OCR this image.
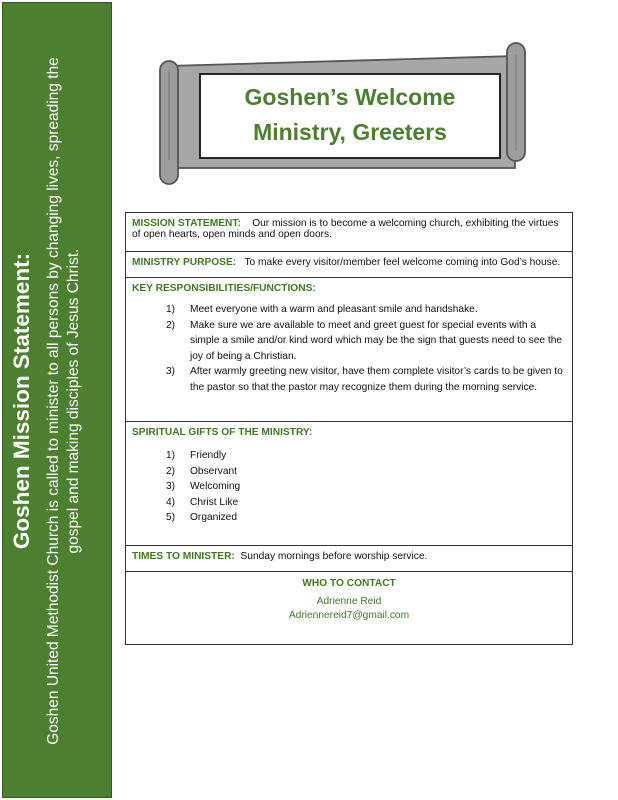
Goshen Mission Statement: Goshen United Methodist Church is called to minister to all persons by changing lives, spreading the gospel and making disciples of Jesus Christ.
Goshen’s Welcome
Ministry, Greeters
MISSION STATEMENT: Our mission is to become a welcoming church, exhibiting the virtues of open hearts, open minds and open doors.
MINISTRY PURPOSE: To make every visitor/member feel welcome coming into God’s house.
KEY RESPONSIBILITIES/FUNCTIONS:
1)	Meet everyone with a warm and pleasant smile and handshake.
2)	Make sure we are available to meet and greet guest for special events with a simple a smile and/or kind word which may be the sign that guests need to see the joy of being a Christian.
3)	After warmly greeting new visitor, have them complete visitor’s cards to be given to the pastor so that the pastor may recognize them during the morning service.
SPIRITUAL GIFTS OF THE MINISTRY:
1)	Friendly
2)	Observant
3)	Welcoming
4)	Christ Like
5)	Organized
TIMES TO MINISTER: Sunday mornings before worship service.
WHO TO CONTACT
Adrienne Reid
Adriennereid7@gmail.com
